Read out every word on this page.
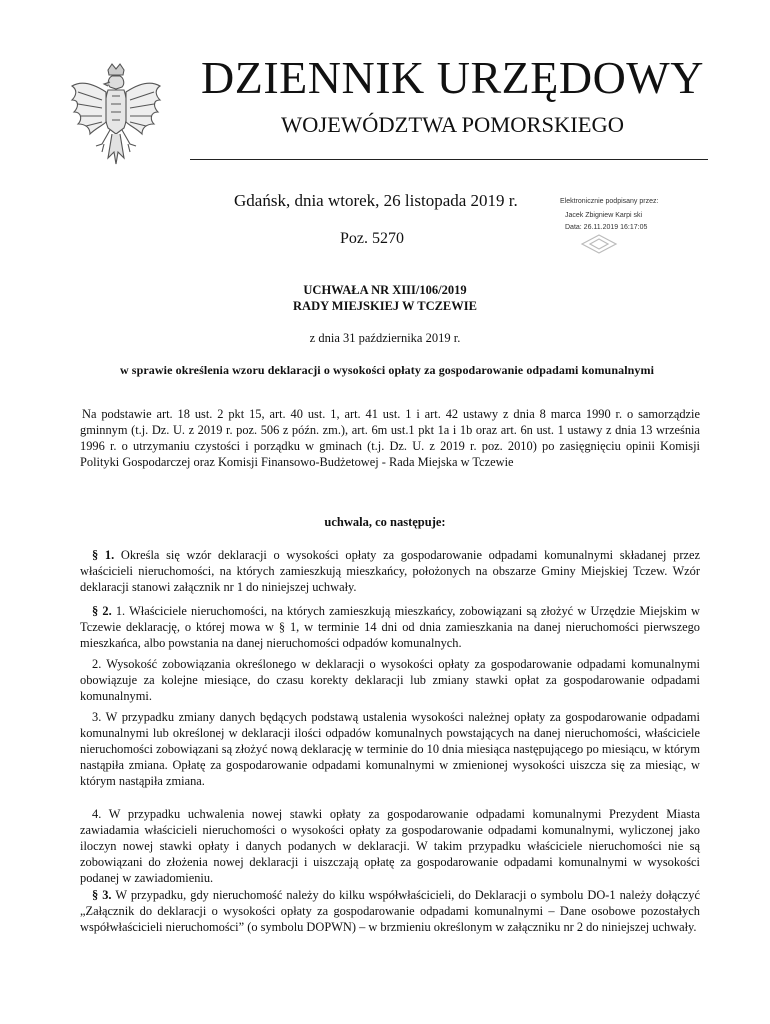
DZIENNIK URZĘDOWY
WOJEWÓDZTWA POMORSKIEGO
Gdańsk, dnia wtorek, 26 listopada 2019 r.
Poz. 5270
Elektronicznie podpisany przez:
Jacek Zbigniew Karpi ski
Data: 26.11.2019 16:17:05
UCHWAŁA NR XIII/106/2019
RADY MIEJSKIEJ W TCZEWIE
z dnia 31 października 2019 r.
w sprawie określenia wzoru deklaracji o wysokości opłaty za gospodarowanie odpadami komunalnymi

Na podstawie art. 18 ust. 2 pkt 15, art. 40 ust. 1, art. 41 ust. 1 i art. 42 ustawy z dnia 8 marca 1990 r. o samorządzie gminnym (t.j. Dz. U. z 2019 r. poz. 506 z późn. zm.), art. 6m ust.1 pkt 1a i 1b oraz art. 6n ust. 1 ustawy z dnia 13 września 1996 r. o utrzymaniu czystości i porządku w gminach (t.j. Dz. U. z 2019 r. poz. 2010) po zasięgnięciu opinii Komisji Polityki Gospodarczej oraz Komisji Finansowo-Budżetowej - Rada Miejska w Tczewie

uchwala, co następuje:

§ 1. Określa się wzór deklaracji o wysokości opłaty za gospodarowanie odpadami komunalnymi składanej przez właścicieli nieruchomości, na których zamieszkują mieszkańcy, położonych na obszarze Gminy Miejskiej Tczew. Wzór deklaracji stanowi załącznik nr 1 do niniejszej uchwały.

§ 2. 1. Właściciele nieruchomości, na których zamieszkują mieszkańcy, zobowiązani są złożyć w Urzędzie Miejskim w Tczewie deklarację, o której mowa w § 1, w terminie 14 dni od dnia zamieszkania na danej nieruchomości pierwszego mieszkańca, albo powstania na danej nieruchomości odpadów komunalnych.

2. Wysokość zobowiązania określonego w deklaracji o wysokości opłaty za gospodarowanie odpadami komunalnymi obowiązuje za kolejne miesiące, do czasu korekty deklaracji lub zmiany stawki opłat za gospodarowanie odpadami komunalnymi.

3. W przypadku zmiany danych będących podstawą ustalenia wysokości należnej opłaty za gospodarowanie odpadami komunalnymi lub określonej w deklaracji ilości odpadów komunalnych powstających na danej nieruchomości, właściciele nieruchomości zobowiązani są złożyć nową deklarację w terminie do 10 dnia miesiąca następującego po miesiącu, w którym nastąpiła zmiana. Opłatę za gospodarowanie odpadami komunalnymi w zmienionej wysokości uiszcza się za miesiąc, w którym nastąpiła zmiana.

4. W przypadku uchwalenia nowej stawki opłaty za gospodarowanie odpadami komunalnymi Prezydent Miasta zawiadamia właścicieli nieruchomości o wysokości opłaty za gospodarowanie odpadami komunalnymi, wyliczonej jako iloczyn nowej stawki opłaty i danych podanych w deklaracji. W takim przypadku właściciele nieruchomości nie są zobowiązani do złożenia nowej deklaracji i uiszczają opłatę za gospodarowanie odpadami komunalnymi w wysokości podanej w zawiadomieniu.

§ 3. W przypadku, gdy nieruchomość należy do kilku współwłaścicieli, do Deklaracji o symbolu DO-1 należy dołączyć „Załącznik do deklaracji o wysokości opłaty za gospodarowanie odpadami komunalnymi – Dane osobowe pozostałych współwłaścicieli nieruchomości” (o symbolu DOPWN) – w brzmieniu określonym w załączniku nr 2 do niniejszej uchwały.
